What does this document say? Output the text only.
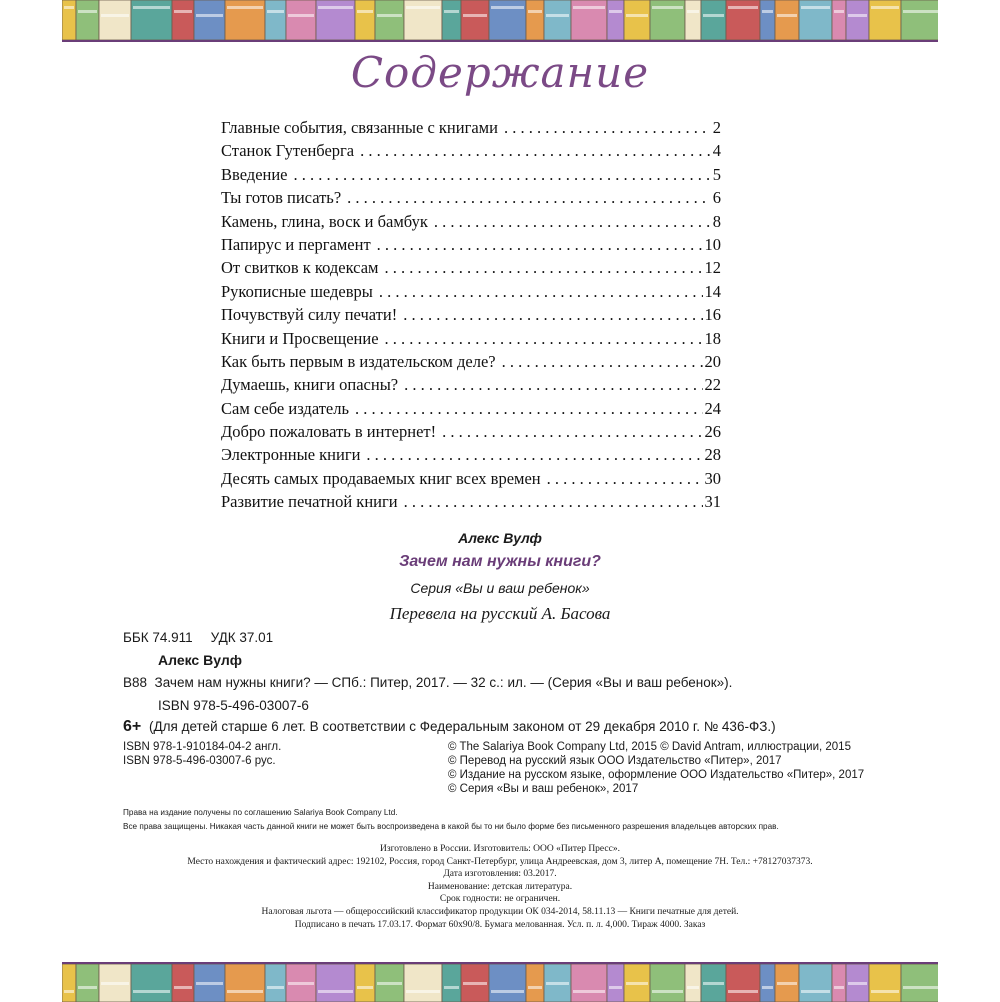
Содержание
Главные события, связанные с книгами . . .	2
Станок Гутенберга . . .	4
Введение . . .	5
Ты готов писать? . . .	6
Камень, глина, воск и бамбук . . .	8
Папирус и пергамент . . .	10
От свитков к кодексам . . .	12
Рукописные шедевры . . .	14
Почувствуй силу печати! . . .	16
Книги и Просвещение . . .	18
Как быть первым в издательском деле? . . .	20
Думаешь, книги опасны? . . .	22
Сам себе издатель . . .	24
Добро пожаловать в интернет! . . .	26
Электронные книги . . .	28
Десять самых продаваемых книг всех времен . . .	30
Развитие печатной книги . . .	31
Алекс Вулф
Зачем нам нужны книги?
Серия «Вы и ваш ребенок»
Перевела на русский А. Басова
ББК 74.911 УДК 37.01
Алекс Вулф
В88 Зачем нам нужны книги? — СПб.: Питер, 2017. — 32 с.: ил. — (Серия «Вы и ваш ребенок»).
ISBN 978-5-496-03007-6
6+ (Для детей старше 6 лет. В соответствии с Федеральным законом от 29 декабря 2010 г. № 436-ФЗ.)
ISBN 978-1-910184-04-2 англ.
ISBN 978-5-496-03007-6 рус.
© The Salariya Book Company Ltd, 2015 © David Antram, иллюстрации, 2015
© Перевод на русский язык ООО Издательство «Питер», 2017
© Издание на русском языке, оформление ООО Издательство «Питер», 2017
© Серия «Вы и ваш ребенок», 2017
Права на издание получены по соглашению Salariya Book Company Ltd.
Все права защищены. Никакая часть данной книги не может быть воспроизведена в какой бы то ни было форме без письменного разрешения владельцев авторских прав.
Изготовлено в России. Изготовитель: ООО «Питер Пресс».
Место нахождения и фактический адрес: 192102, Россия, город Санкт-Петербург, улица Андреевская, дом 3, литер А, помещение 7Н. Тел.: +78127037373.
Дата изготовления: 03.2017.
Наименование: детская литература.
Срок годности: не ограничен.
Налоговая льгота — общероссийский классификатор продукции ОК 034-2014, 58.11.13 — Книги печатные для детей.
Подписано в печать 17.03.17. Формат 60х90/8. Бумага мелованная. Усл. п. л. 4,000. Тираж 4000. Заказ
